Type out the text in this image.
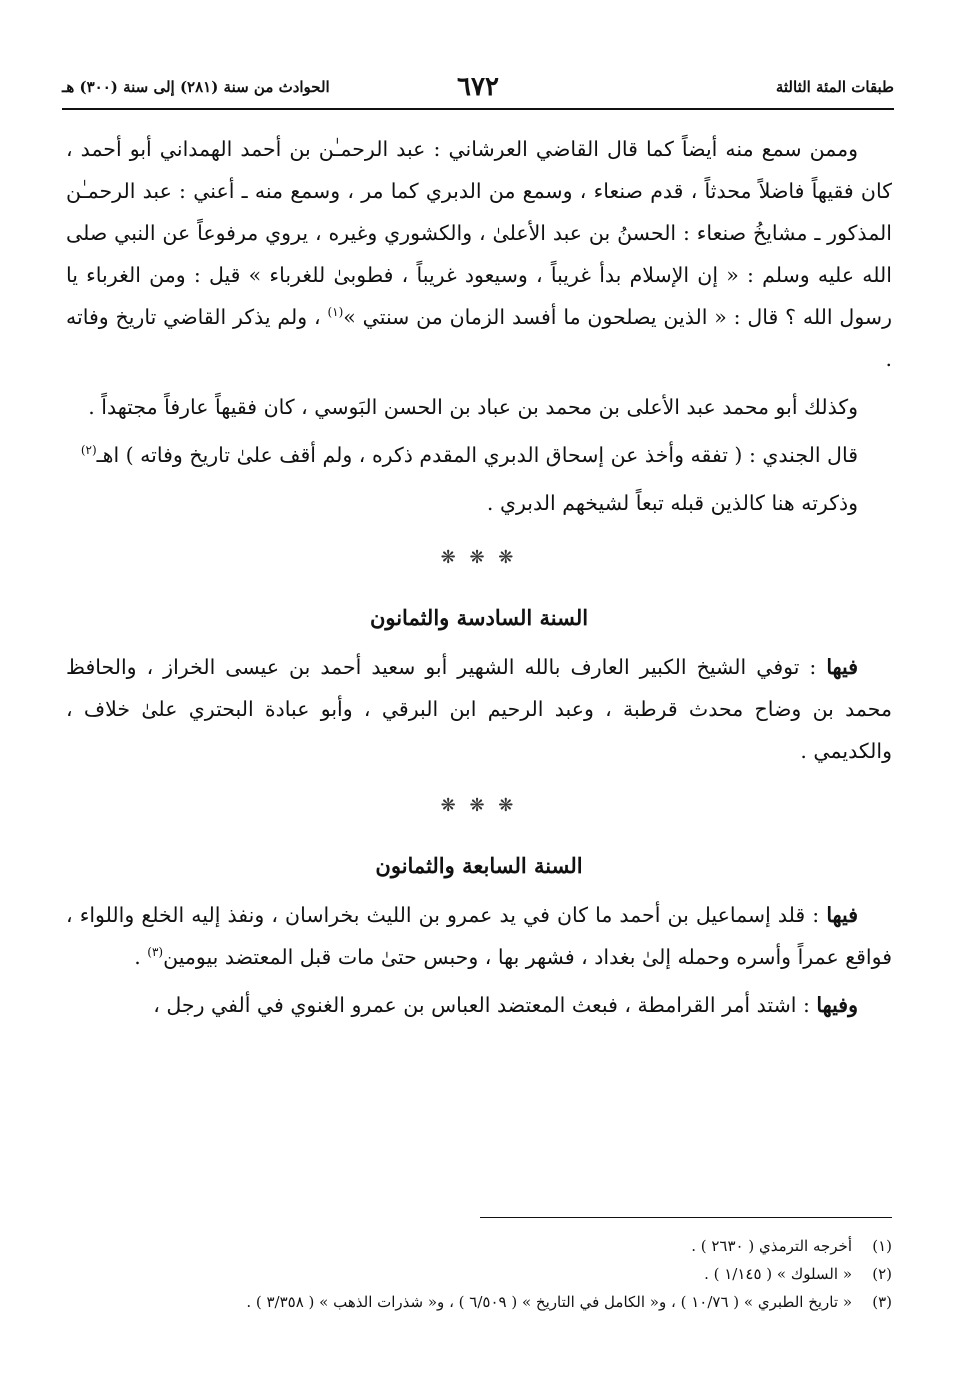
طبقات المئة الثالثة
٦٧٢
الحوادث من سنة (٢٨١) إلى سنة (٣٠٠) هـ

وممن سمع منه أيضاً كما قال القاضي العرشاني : عبد الرحمـٰن بن أحمد الهمداني أبو أحمد ، كان فقيهاً فاضلاً محدثاً ، قدم صنعاء ، وسمع من الدبري كما مر ، وسمع منه ـ أعني : عبد الرحمـٰن المذكور ـ مشايخُ صنعاء : الحسنُ بن عبد الأعلىٰ ، والكشوري وغيره ، يروي مرفوعاً عن النبي صلى الله عليه وسلم : « إن الإسلام بدأ غريباً ، وسيعود غريباً ، فطوبىٰ للغرباء » قيل : ومن الغرباء يا رسول الله ؟ قال : « الذين يصلحون ما أفسد الزمان من سنتي »$^{(١)}$ ، ولم يذكر القاضي تاريخ وفاته .

وكذلك أبو محمد عبد الأعلى بن محمد بن عباد بن الحسن البَوسي ، كان فقيهاً عارفاً مجتهداً .

قال الجندي : ( تفقه وأخذ عن إسحاق الدبري المقدم ذكره ، ولم أقف علىٰ تاريخ وفاته ) اهـ$^{(٢)}$

وذكرته هنا كالذين قبله تبعاً لشيخهم الدبري .

❋ ❋ ❋
السنة السادسة والثمانون

فيها : توفي الشيخ الكبير العارف بالله الشهير أبو سعيد أحمد بن عيسى الخراز ، والحافظ محمد بن وضاح محدث قرطبة ، وعبد الرحيم ابن البرقي ، وأبو عبادة البحتري علىٰ خلاف ، والكديمي .

❋ ❋ ❋
السنة السابعة والثمانون

فيها : قلد إسماعيل بن أحمد ما كان في يد عمرو بن الليث بخراسان ، ونفذ إليه الخلع واللواء ، فواقع عمراً وأسره وحمله إلىٰ بغداد ، فشهر بها ، وحبس حتىٰ مات قبل المعتضد بيومين$^{(٣)}$ .

وفيها : اشتد أمر القرامطة ، فبعث المعتضد العباس بن عمرو الغنوي في ألفي رجل ،

(١)أخرجه الترمذي ( ٢٦٣٠ ) .
(٢)« السلوك » ( ١/١٤٥ ) .
(٣)« تاريخ الطبري » ( ١٠/٧٦ ) ، و« الكامل في التاريخ » ( ٦/٥٠٩ ) ، و« شذرات الذهب » ( ٣/٣٥٨ ) .
